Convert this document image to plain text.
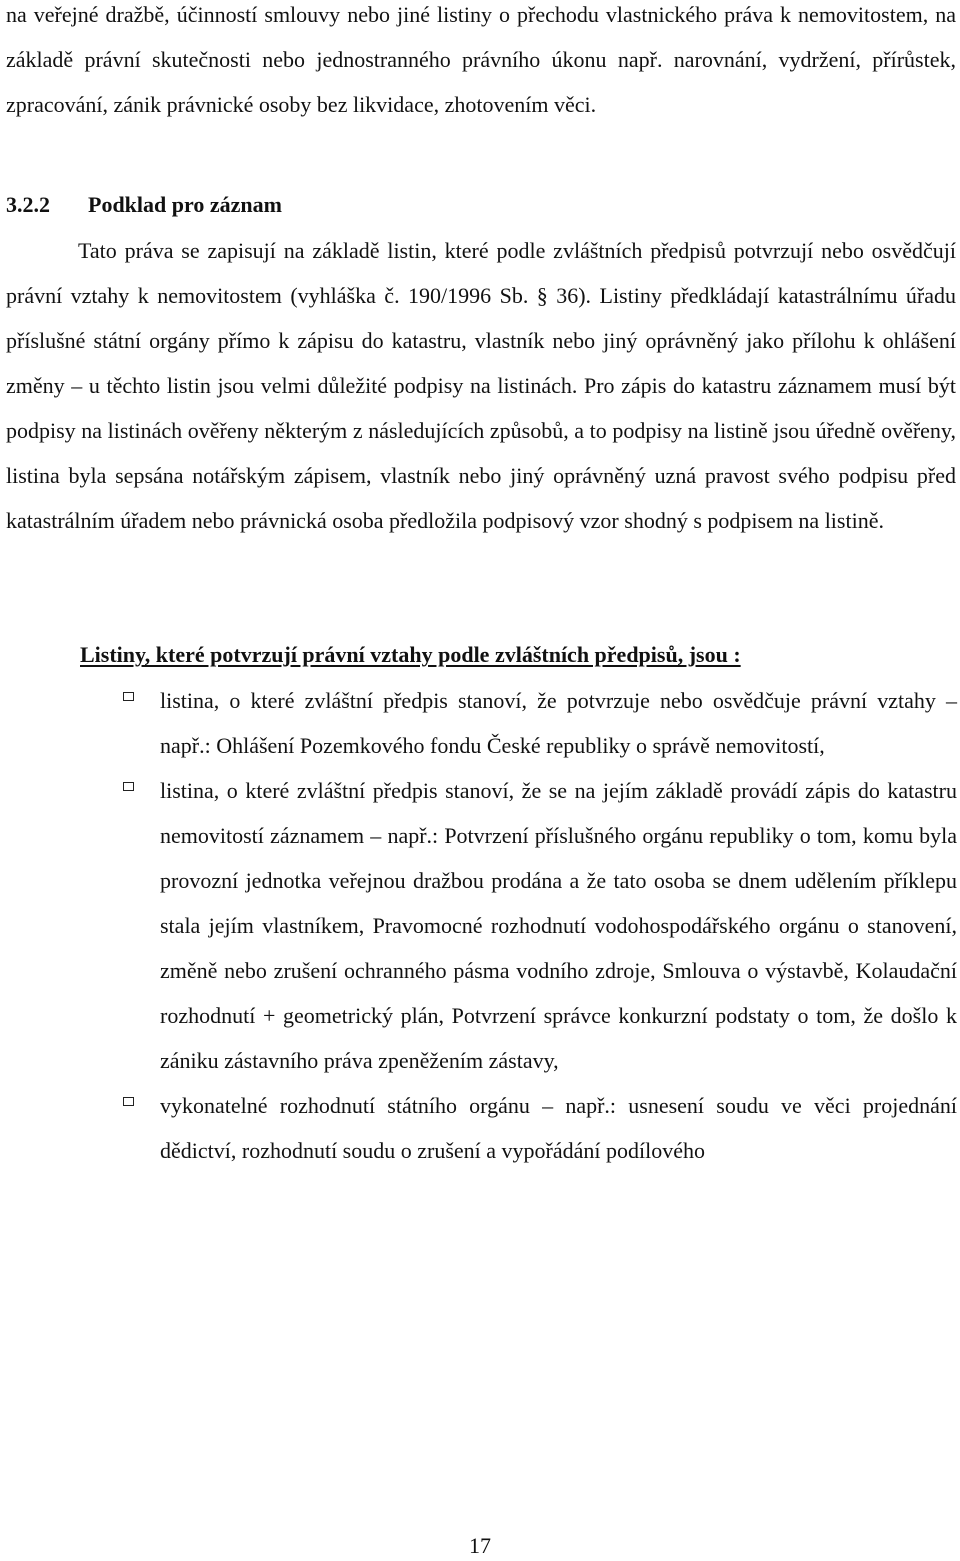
na veřejné dražbě, účinností smlouvy nebo jiné listiny o přechodu vlastnického práva k nemovitostem, na základě právní skutečnosti nebo jednostranného právního úkonu např. narovnání, vydržení, přírůstek, zpracování, zánik právnické osoby bez likvidace, zhotovením věci.

3.2.2 Podklad pro záznam

Tato práva se zapisují na základě listin, které podle zvláštních předpisů potvrzují nebo osvědčují právní vztahy k nemovitostem (vyhláška č. 190/1996 Sb. § 36). Listiny předkládají katastrálnímu úřadu příslušné státní orgány přímo k zápisu do katastru, vlastník nebo jiný oprávněný jako přílohu k ohlášení změny – u těchto listin jsou velmi důležité podpisy na listinách. Pro zápis do katastru záznamem musí být podpisy na listinách ověřeny některým z následujících způsobů, a to podpisy na listině jsou úředně ověřeny, listina byla sepsána notářským zápisem, vlastník nebo jiný oprávněný uzná pravost svého podpisu před katastrálním úřadem nebo právnická osoba předložila podpisový vzor shodný s podpisem na listině.

Listiny, které potvrzují právní vztahy podle zvláštních předpisů, jsou :

listina, o které zvláštní předpis stanoví, že potvrzuje nebo osvědčuje právní vztahy – např.: Ohlášení Pozemkového fondu České republiky o správě nemovitostí,
listina, o které zvláštní předpis stanoví, že se na jejím základě provádí zápis do katastru nemovitostí záznamem – např.: Potvrzení příslušného orgánu republiky o tom, komu byla provozní jednotka veřejnou dražbou prodána a že tato osoba se dnem udělením příklepu stala jejím vlastníkem, Pravomocné rozhodnutí vodohospodářského orgánu o stanovení, změně nebo zrušení ochranného pásma vodního zdroje, Smlouva o výstavbě, Kolaudační rozhodnutí + geometrický plán, Potvrzení správce konkurzní podstaty o tom, že došlo k zániku zástavního práva zpeněžením zástavy,
vykonatelné rozhodnutí státního orgánu – např.: usnesení soudu ve věci projednání dědictví, rozhodnutí soudu o zrušení a vypořádání podílového

17
